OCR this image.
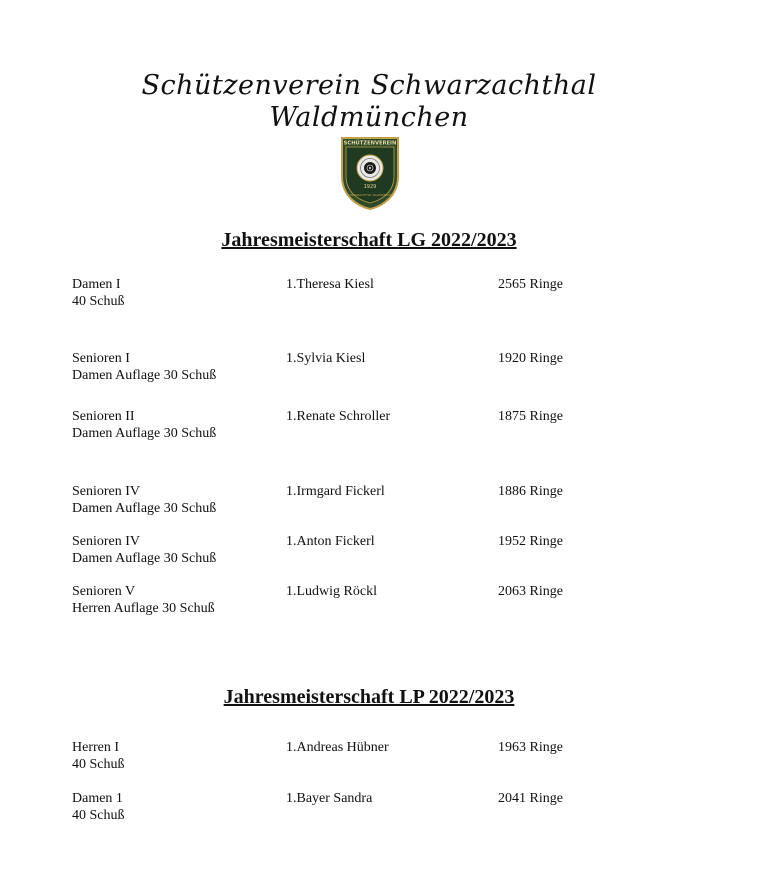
Schützenverein Schwarzachthal
Waldmünchen
SCHÜTZENVEREIN
1929
SCHWARZACHTHAL WALDMÜNCHEN
Jahresmeisterschaft LG 2022/2023
Damen I
40 Schuß
1.Theresa Kiesl	2565 Ringe
Senioren I
Damen Auflage 30 Schuß
1.Sylvia Kiesl	1920 Ringe
Senioren II
Damen Auflage 30 Schuß
1.Renate Schroller	1875 Ringe
Senioren IV
Damen Auflage 30 Schuß
1.Irmgard Fickerl	1886 Ringe
Senioren IV
Damen Auflage 30 Schuß
1.Anton Fickerl	1952 Ringe
Senioren V
Herren Auflage 30 Schuß
1.Ludwig Röckl	2063 Ringe
Jahresmeisterschaft LP 2022/2023
Herren I
40 Schuß
1.Andreas Hübner	1963 Ringe
Damen 1
40 Schuß
1.Bayer Sandra	2041 Ringe
